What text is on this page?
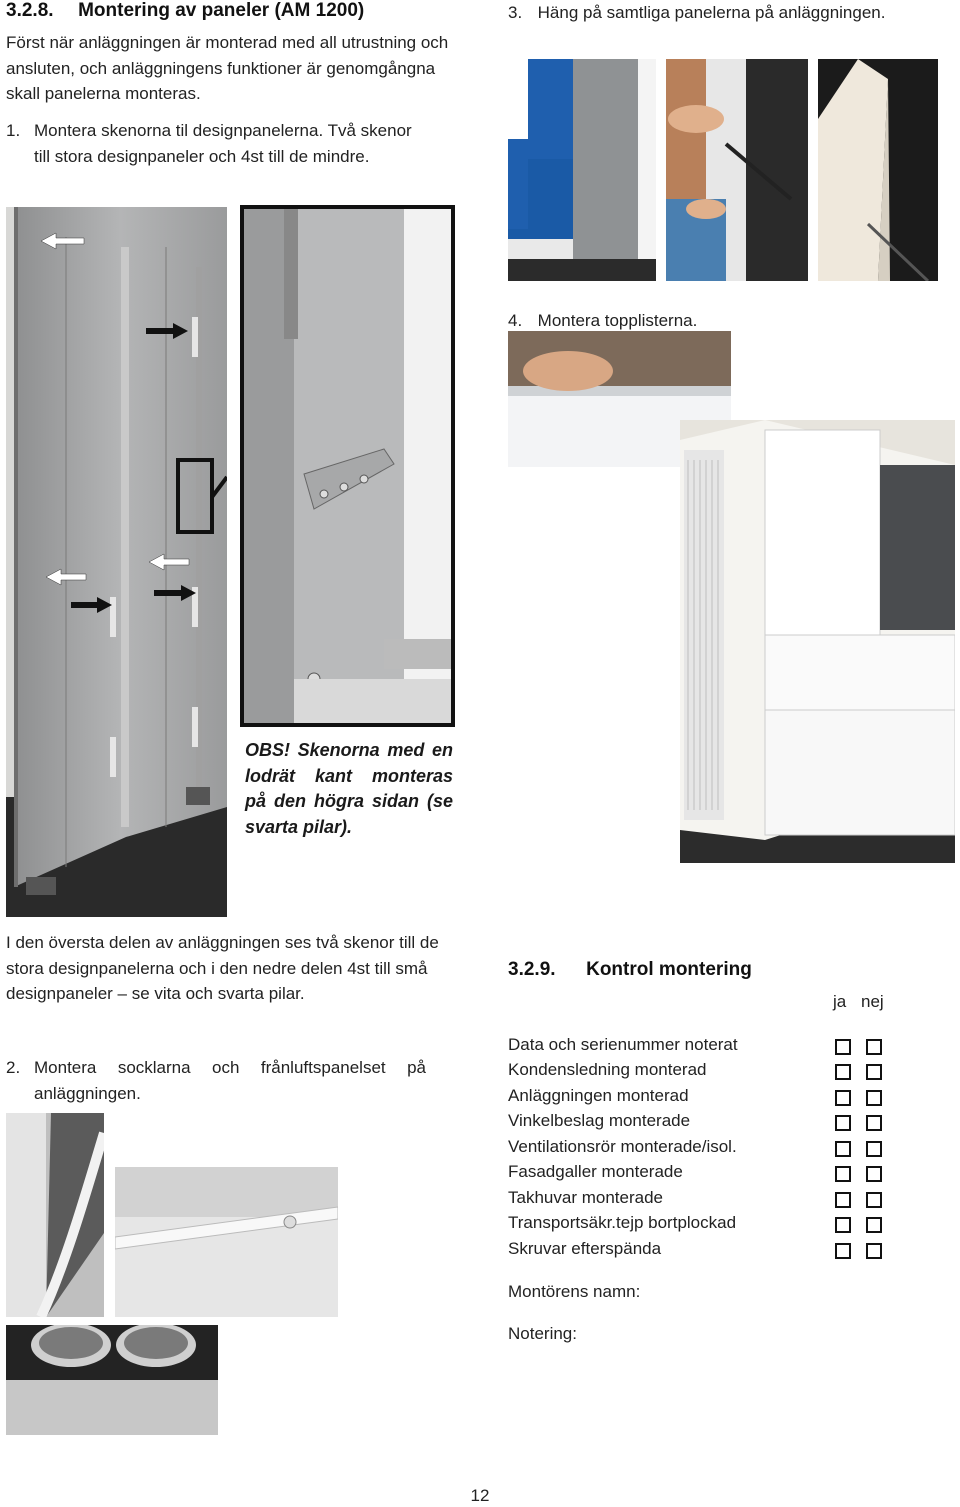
3.2.8. Montering av paneler (AM 1200)
Först när anläggningen är monterad med all utrustning och
ansluten, och anläggningens funktioner är genomgångna
skall panelerna monteras.
1. Montera skenorna til designpanelerna. Två skenor
till stora designpaneler och 4st till de mindre.
OBS! Skenorna med en
lodrät kant monteras
på den högra sidan (se
svarta pilar).
3. Häng på samtliga panelerna på anläggningen.
4. Montera topplisterna.
I den översta delen av anläggningen ses två skenor till de
stora designpanelerna och i den nedre delen 4st till små
designpaneler – se vita och svarta pilar.
2. Montera socklarna och frånluftspanelset på
anläggningen.
3.2.9. Kontrol montering
ja nej
Data och serienummer noterat
Kondensledning monterad
Anläggningen monterad
Vinkelbeslag monterade
Ventilationsrör monterade/isol.
Fasadgaller monterade
Takhuvar monterade
Transportsäkr.tejp bortplockad
Skruvar efterspända
Montörens namn:
Notering:
12
